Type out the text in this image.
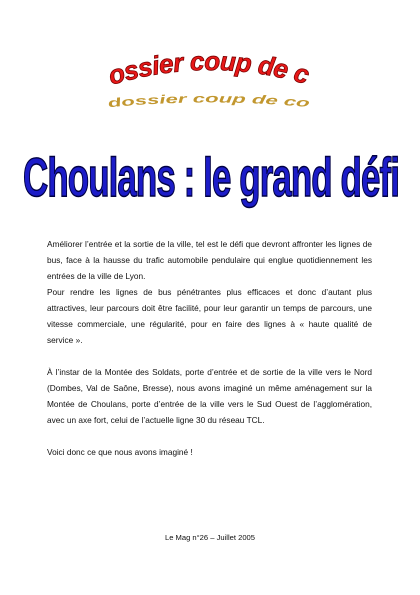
Le dossier coup de coeur
Le dossier coup de coeur
Choulans : le grand défi

Améliorer l’entrée et la sortie de la ville, tel est le défi que devront affronter les lignes de bus, face à la hausse du trafic automobile pendulaire qui englue quotidiennement les entrées de la ville de Lyon.

Pour rendre les lignes de bus pénétrantes plus efficaces et donc d’autant plus attractives, leur parcours doit être facilité, pour leur garantir un temps de parcours, une vitesse commerciale, une régularité, pour en faire des lignes à « haute qualité de service ».

À l’instar de la Montée des Soldats, porte d’entrée et de sortie de la ville vers le Nord (Dombes, Val de Saône, Bresse), nous avons imaginé un même aménagement sur la Montée de Choulans, porte d’entrée de la ville vers le Sud Ouest de l’agglomération, avec un axe fort, celui de l’actuelle ligne 30 du réseau TCL.

Voici donc ce que nous avons imaginé !

Le Mag n°26 – Juillet 2005
